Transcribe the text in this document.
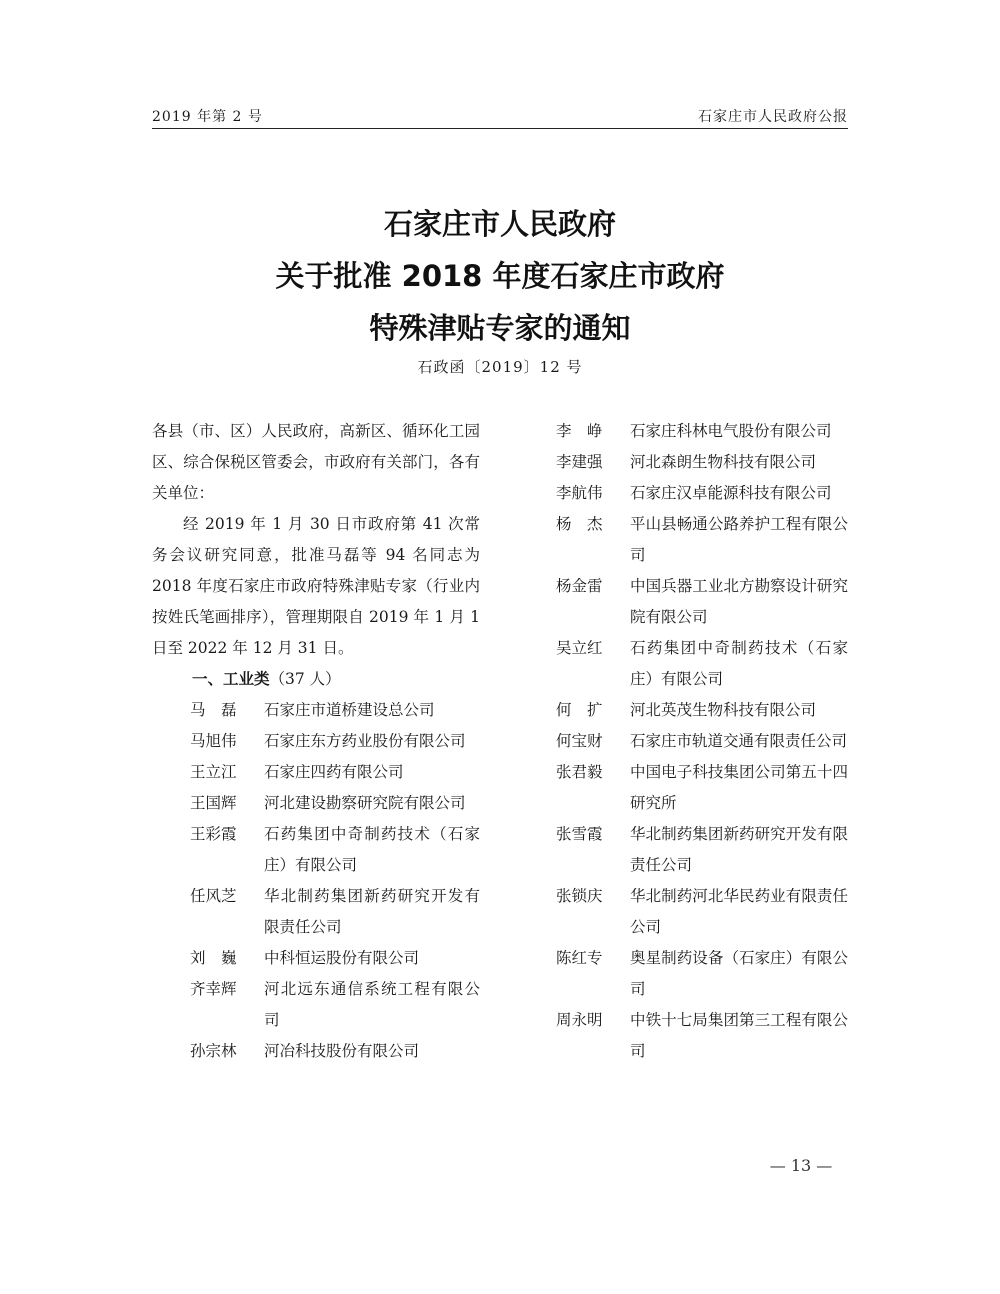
2019 年第 2 号	石家庄市人民政府公报
石家庄市人民政府
关于批准 2018 年度石家庄市政府
特殊津贴专家的通知
石政函〔2019〕12 号

各县（市、区）人民政府，高新区、循环化工园区、综合保税区管委会，市政府有关部门，各有关单位：

经 2019 年 1 月 30 日市政府第 41 次常务会议研究同意，批准马磊等 94 名同志为 2018 年度石家庄市政府特殊津贴专家（行业内按姓氏笔画排序），管理期限自 2019 年 1 月 1 日至 2022 年 12 月 31 日。

一、工业类（37 人）

马　磊	石家庄市道桥建设总公司
马旭伟	石家庄东方药业股份有限公司
王立江	石家庄四药有限公司
王国辉	河北建设勘察研究院有限公司
王彩霞	石药集团中奇制药技术（石家庄）有限公司
任风芝	华北制药集团新药研究开发有限责任公司
刘　巍	中科恒运股份有限公司
齐幸辉	河北远东通信系统工程有限公司
孙宗林	河冶科技股份有限公司
李　峥	石家庄科林电气股份有限公司
李建强	河北森朗生物科技有限公司
李航伟	石家庄汉卓能源科技有限公司
杨　杰	平山县畅通公路养护工程有限公司
杨金雷	中国兵器工业北方勘察设计研究院有限公司
吴立红	石药集团中奇制药技术（石家庄）有限公司
何　扩	河北英茂生物科技有限公司
何宝财	石家庄市轨道交通有限责任公司
张君毅	中国电子科技集团公司第五十四研究所
张雪霞	华北制药集团新药研究开发有限责任公司
张锁庆	华北制药河北华民药业有限责任公司
陈红专	奥星制药设备（石家庄）有限公司
周永明	中铁十七局集团第三工程有限公司
— 13 —
